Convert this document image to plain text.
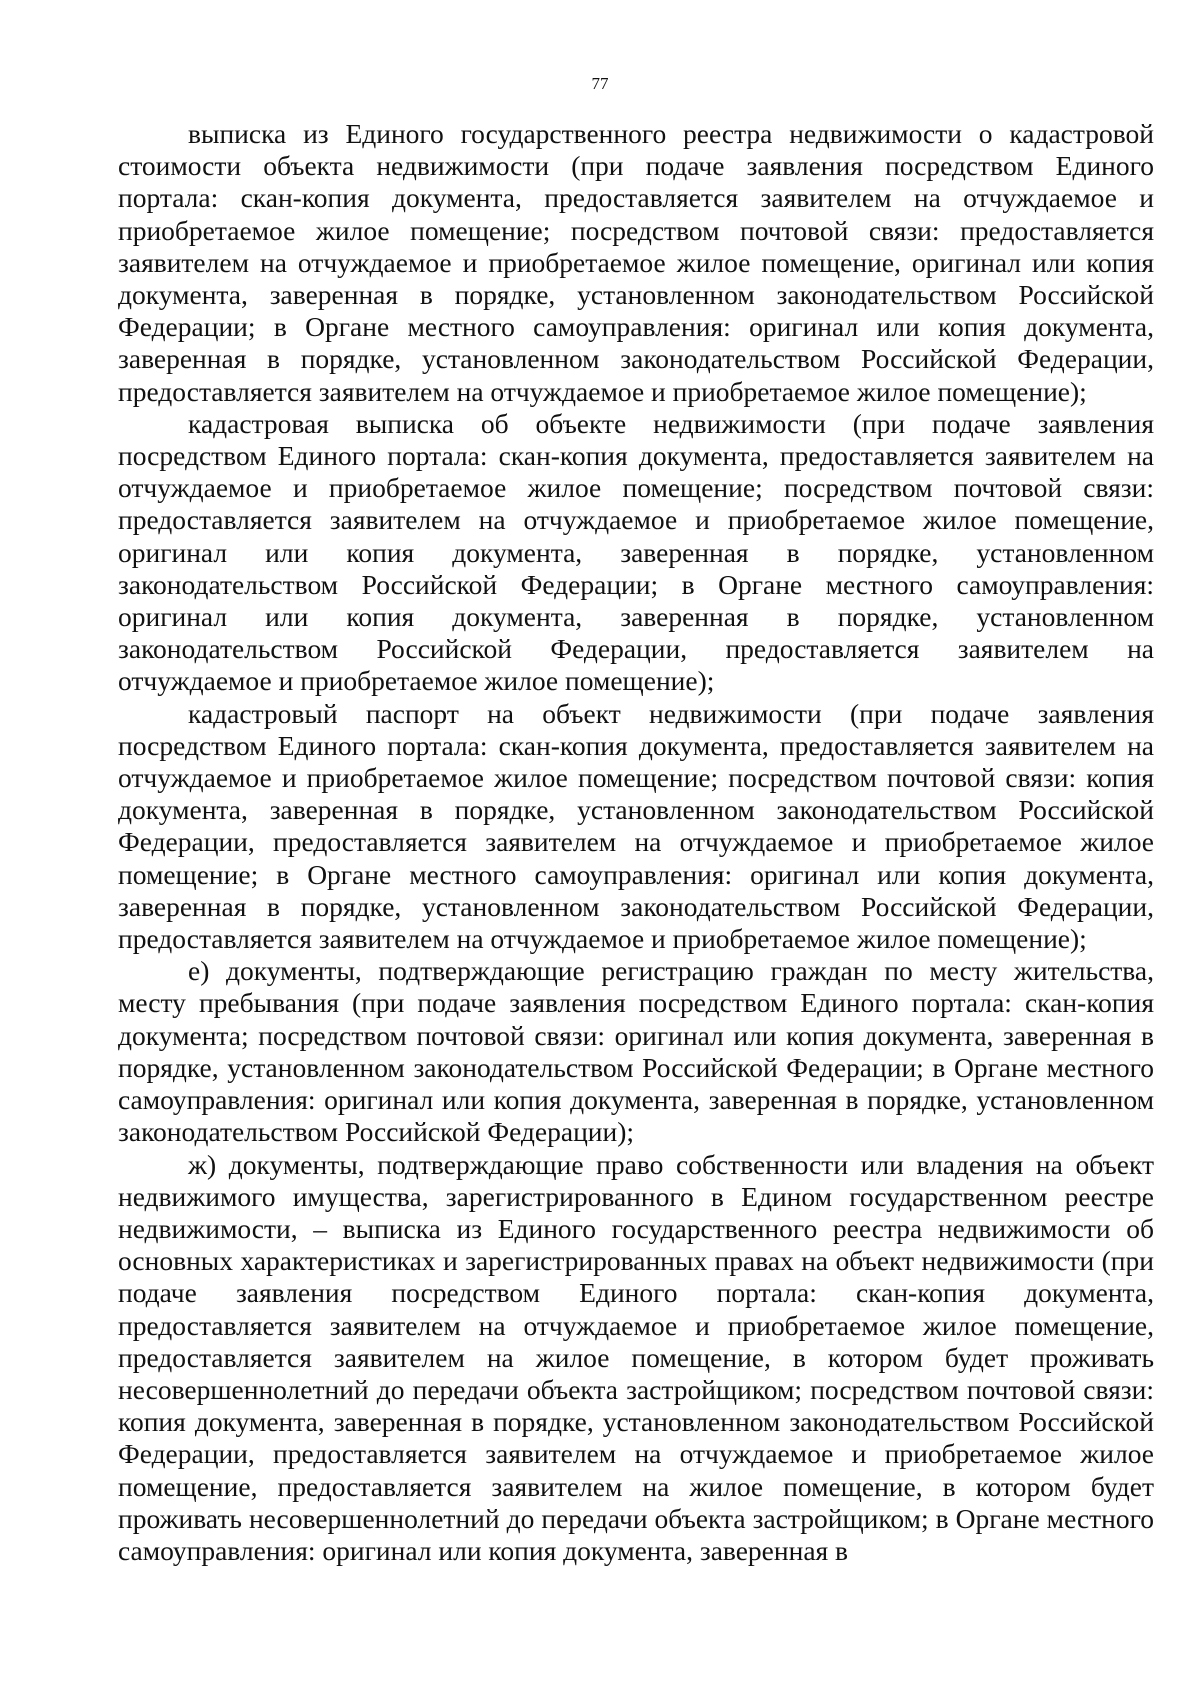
77

выписка из Единого государственного реестра недвижимости о кадастровой стоимости объекта недвижимости (при подаче заявления посредством Единого портала: скан-копия документа, предоставляется заявителем на отчуждаемое и приобретаемое жилое помещение; посредством почтовой связи: предоставляется заявителем на отчуждаемое и приобретаемое жилое помещение, оригинал или копия документа, заверенная в порядке, установленном законодательством Российской Федерации; в Органе местного самоуправления: оригинал или копия документа, заверенная в порядке, установленном законодательством Российской Федерации, предоставляется заявителем на отчуждаемое и приобретаемое жилое помещение);

кадастровая выписка об объекте недвижимости (при подаче заявления посредством Единого портала: скан-копия документа, предоставляется заявителем на отчуждаемое и приобретаемое жилое помещение; посредством почтовой связи: предоставляется заявителем на отчуждаемое и приобретаемое жилое помещение, оригинал или копия документа, заверенная в порядке, установленном законодательством Российской Федерации; в Органе местного самоуправления: оригинал или копия документа, заверенная в порядке, установленном законодательством Российской Федерации, предоставляется заявителем на отчуждаемое и приобретаемое жилое помещение);

кадастровый паспорт на объект недвижимости (при подаче заявления посредством Единого портала: скан-копия документа, предоставляется заявителем на отчуждаемое и приобретаемое жилое помещение; посредством почтовой связи: копия документа, заверенная в порядке, установленном законодательством Российской Федерации, предоставляется заявителем на отчуждаемое и приобретаемое жилое помещение; в Органе местного самоуправления: оригинал или копия документа, заверенная в порядке, установленном законодательством Российской Федерации, предоставляется заявителем на отчуждаемое и приобретаемое жилое помещение);

е) документы, подтверждающие регистрацию граждан по месту жительства, месту пребывания (при подаче заявления посредством Единого портала: скан-копия документа; посредством почтовой связи: оригинал или копия документа, заверенная в порядке, установленном законодательством Российской Федерации; в Органе местного самоуправления: оригинал или копия документа, заверенная в порядке, установленном законодательством Российской Федерации);

ж) документы, подтверждающие право собственности или владения на объект недвижимого имущества, зарегистрированного в Едином государственном реестре недвижимости, – выписка из Единого государственного реестра недвижимости об основных характеристиках и зарегистрированных правах на объект недвижимости (при подаче заявления посредством Единого портала: скан-копия документа, предоставляется заявителем на отчуждаемое и приобретаемое жилое помещение, предоставляется заявителем на жилое помещение, в котором будет проживать несовершеннолетний до передачи объекта застройщиком; посредством почтовой связи: копия документа, заверенная в порядке, установленном законодательством Российской Федерации, предоставляется заявителем на отчуждаемое и приобретаемое жилое помещение, предоставляется заявителем на жилое помещение, в котором будет проживать несовершеннолетний до передачи объекта застройщиком; в Органе местного самоуправления: оригинал или копия документа, заверенная в
